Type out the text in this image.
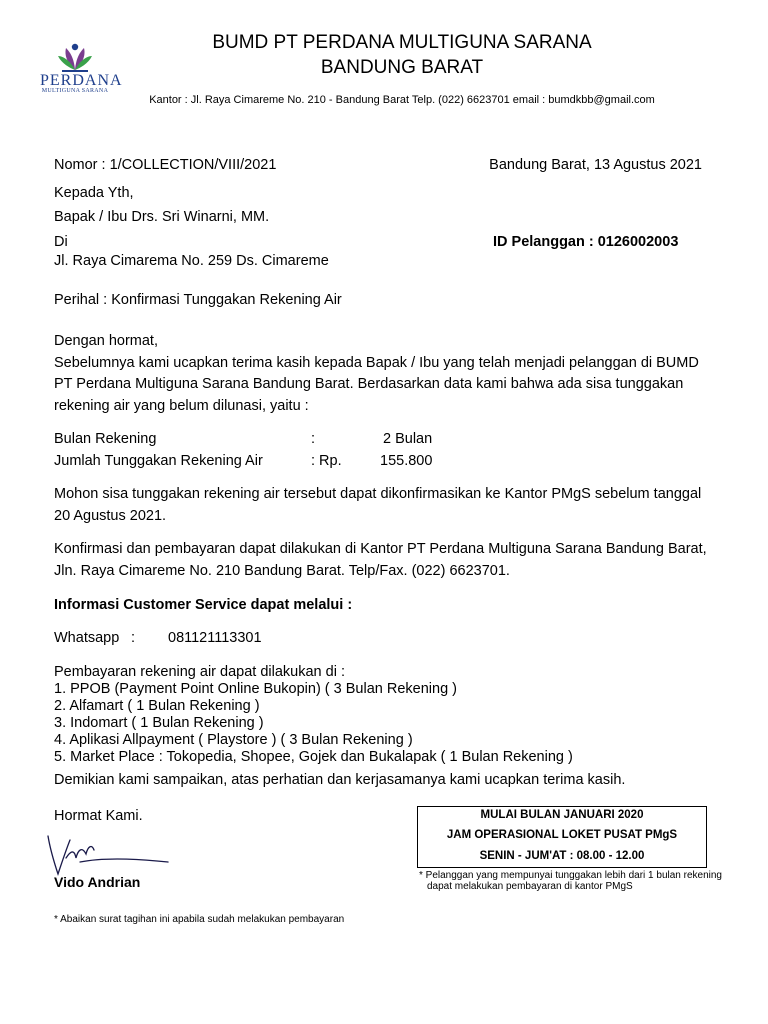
PERDANA
MULTIGUNA SARANA
BUMD PT PERDANA MULTIGUNA SARANA
BANDUNG BARAT
Kantor : Jl. Raya Cimareme No. 210 - Bandung Barat Telp. (022) 6623701 email : bumdkbb@gmail.com
Nomor : 1/COLLECTION/VIII/2021	Bandung Barat, 13 Agustus 2021
Kepada Yth,
Bapak / Ibu Drs. Sri Winarni, MM.
Di	ID Pelanggan : 0126002003
Jl. Raya Cimarema No. 259 Ds. Cimareme
Perihal : Konfirmasi Tunggakan Rekening Air
Dengan hormat,
Sebelumnya kami ucapkan terima kasih kepada Bapak / Ibu yang telah menjadi pelanggan di BUMD
PT Perdana Multiguna Sarana Bandung Barat. Berdasarkan data kami bahwa ada sisa tunggakan
rekening air yang belum dilunasi, yaitu :
Bulan Rekening	:	2 Bulan
Jumlah Tunggakan Rekening Air	: Rp.	155.800
Mohon sisa tunggakan rekening air tersebut dapat dikonfirmasikan ke Kantor PMgS sebelum tanggal
20 Agustus 2021.
Konfirmasi dan pembayaran dapat dilakukan di Kantor PT Perdana Multiguna Sarana Bandung Barat,
Jln. Raya Cimareme No. 210 Bandung Barat. Telp/Fax. (022) 6623701.
Informasi Customer Service dapat melalui :
Whatsapp : 081121113301
Pembayaran rekening air dapat dilakukan di :
1. PPOB (Payment Point Online Bukopin) ( 3 Bulan Rekening )
2. Alfamart ( 1 Bulan Rekening )
3. Indomart ( 1 Bulan Rekening )
4. Aplikasi Allpayment ( Playstore ) ( 3 Bulan Rekening )
5. Market Place : Tokopedia, Shopee, Gojek dan Bukalapak ( 1 Bulan Rekening )
Demikian kami sampaikan, atas perhatian dan kerjasamanya kami ucapkan terima kasih.
Hormat Kami.
Vido Andrian
MULAI BULAN JANUARI 2020
JAM OPERASIONAL LOKET PUSAT PMgS
SENIN - JUM'AT : 08.00 - 12.00
* Pelanggan yang mempunyai tunggakan lebih dari 1 bulan rekening
dapat melakukan pembayaran di kantor PMgS
* Abaikan surat tagihan ini apabila sudah melakukan pembayaran
